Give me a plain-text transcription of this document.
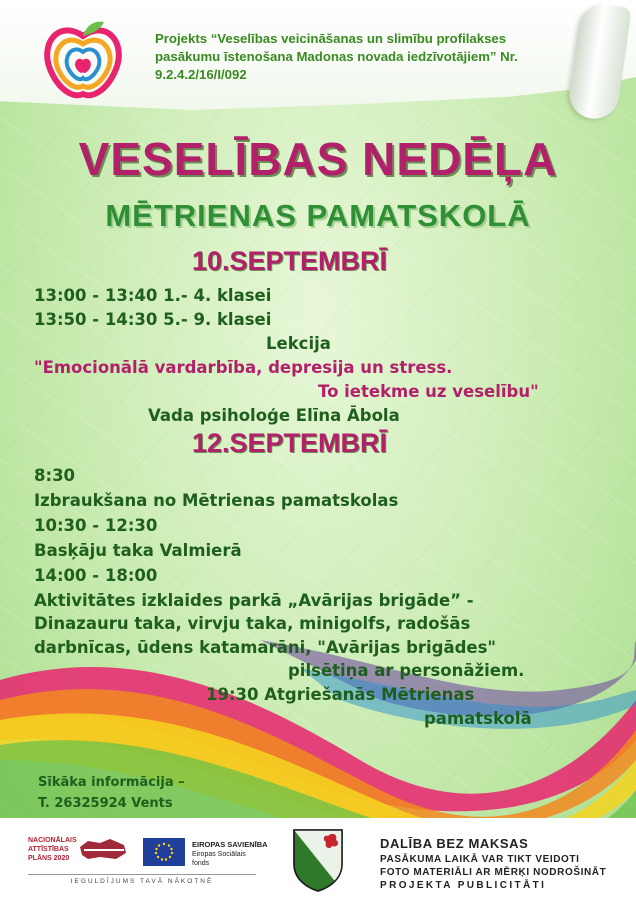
Projekts “Veselības veicināšanas un slimību profilakses pasākumu īstenošana Madonas novada iedzīvotājiem” Nr. 9.2.4.2/16/I/092

VESELĪBAS NEDĒĻA
MĒTRIENAS PAMATSKOLĀ

10.SEPTEMBRĪ

13:00 - 13:40 1.- 4. klasei

13:50 - 14:30 5.- 9. klasei

Lekcija

"Emocionālā vardarbība, depresija un stress.

To ietekme uz veselību"

Vada psiholoģe Elīna Ābola

12.SEPTEMBRĪ

8:30

Izbraukšana no Mētrienas pamatskolas

10:30 - 12:30

Basķāju taka Valmierā

14:00 - 18:00

Aktivitātes izklaides parkā „Avārijas brigāde” -

Dinazauru taka, virvju taka, minigolfs, radošās

darbnīcas, ūdens katamarāni, "Avārijas brigādes"

pilsētiņa ar personāžiem.

19:30 Atgriešanās Mētrienas

pamatskolā

Sīkāka informācija –
T. 26325924 Vents
NACIONĀLAIS
ATTĪSTĪBAS
PLĀNS 2020
EIROPAS SAVIENĪBA
Eiropas Sociālais
fonds
IEGULDĪJUMS TAVĀ NĀKOTNĒ

DALĪBA BEZ MAKSAS

PASĀKUMA LAIKĀ VAR TIKT VEIDOTI
FOTO MATERIĀLI AR MĒRĶI NODROŠINĀT
PROJEKTA PUBLICITĀTI
